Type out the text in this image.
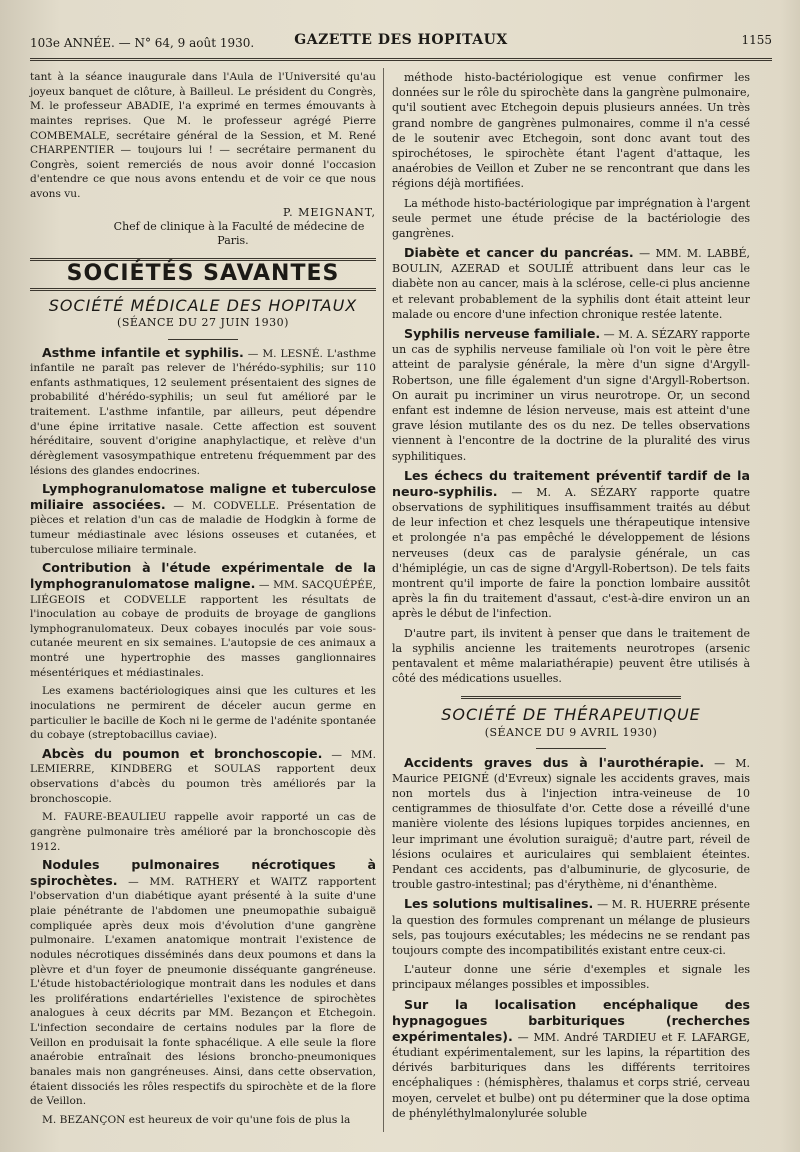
103e ANNÉE. — N° 64, 9 août 1930.	GAZETTE DES HOPITAUX	1155

tant à la séance inaugurale dans l'Aula de l'Université qu'au joyeux banquet de clôture, à Bailleul. Le président du Congrès, M. le professeur ABADIE, l'a exprimé en termes émouvants à maintes reprises. Que M. le professeur agrégé Pierre COMBEMALE, secrétaire général de la Session, et M. René CHARPENTIER — toujours lui ! — secrétaire permanent du Congrès, soient remerciés de nous avoir donné l'occasion d'entendre ce que nous avons entendu et de voir ce que nous avons vu.

P. MEIGNANT,

Chef de clinique à la Faculté de médecine de Paris.

SOCIÉTÉS SAVANTES
SOCIÉTÉ MÉDICALE DES HOPITAUX
(SÉANCE DU 27 JUIN 1930)

Asthme infantile et syphilis. — M. LESNÉ. L'asthme infantile ne paraît pas relever de l'hérédo-syphilis; sur 110 enfants asthmatiques, 12 seulement présentaient des signes de probabilité d'hérédo-syphilis; un seul fut amélioré par le traitement. L'asthme infantile, par ailleurs, peut dépendre d'une épine irritative nasale. Cette affection est souvent héréditaire, souvent d'origine anaphylactique, et relève d'un dérèglement vasosympathique entretenu fréquemment par des lésions des glandes endocrines.

Lymphogranulomatose maligne et tuberculose miliaire associées. — M. CODVELLE. Présentation de pièces et relation d'un cas de maladie de Hodgkin à forme de tumeur médiastinale avec lésions osseuses et cutanées, et tuberculose miliaire terminale.

Contribution à l'étude expérimentale de la lymphogranulomatose maligne. — MM. SACQUÉPÉE, LIÉGEOIS et CODVELLE rapportent les résultats de l'inoculation au cobaye de produits de broyage de ganglions lymphogranulomateux. Deux cobayes inoculés par voie sous-cutanée meurent en six semaines. L'autopsie de ces animaux a montré une hypertrophie des masses ganglionnaires mésentériques et médiastinales.

Les examens bactériologiques ainsi que les cultures et les inoculations ne permirent de déceler aucun germe en particulier le bacille de Koch ni le germe de l'adénite spontanée du cobaye (streptobacillus caviae).

Abcès du poumon et bronchoscopie. — MM. LEMIERRE, KINDBERG et SOULAS rapportent deux observations d'abcès du poumon très améliorés par la bronchoscopie.

M. FAURE-BEAULIEU rappelle avoir rapporté un cas de gangrène pulmonaire très amélioré par la bronchoscopie dès 1912.

Nodules pulmonaires nécrotiques à spirochètes. — MM. RATHERY et WAITZ rapportent l'observation d'un diabétique ayant présenté à la suite d'une plaie pénétrante de l'abdomen une pneumopathie subaiguë compliquée après deux mois d'évolution d'une gangrène pulmonaire. L'examen anatomique montrait l'existence de nodules nécrotiques disséminés dans deux poumons et dans la plèvre et d'un foyer de pneumonie disséquante gangréneuse. L'étude histobactériologique montrait dans les nodules et dans les proliférations endartérielles l'existence de spirochètes analogues à ceux décrits par MM. Bezançon et Etchegoin. L'infection secondaire de certains nodules par la flore de Veillon en produisait la fonte sphacélique. A elle seule la flore anaérobie entraînait des lésions broncho-pneumoniques banales mais non gangréneuses. Ainsi, dans cette observation, étaient dissociés les rôles respectifs du spirochète et de la flore de Veillon.

M. BEZANÇON est heureux de voir qu'une fois de plus la

méthode histo-bactériologique est venue confirmer les données sur le rôle du spirochète dans la gangrène pulmonaire, qu'il soutient avec Etchegoin depuis plusieurs années. Un très grand nombre de gangrènes pulmonaires, comme il n'a cessé de le soutenir avec Etchegoin, sont donc avant tout des spirochétoses, le spirochète étant l'agent d'attaque, les anaérobies de Veillon et Zuber ne se rencontrant que dans les régions déjà mortifiées.

La méthode histo-bactériologique par imprégnation à l'argent seule permet une étude précise de la bactériologie des gangrènes.

Diabète et cancer du pancréas. — MM. M. LABBÉ, BOULIN, AZERAD et SOULIÉ attribuent dans leur cas le diabète non au cancer, mais à la sclérose, celle-ci plus ancienne et relevant probablement de la syphilis dont était atteint leur malade ou encore d'une infection chronique restée latente.

Syphilis nerveuse familiale. — M. A. SÉZARY rapporte un cas de syphilis nerveuse familiale où l'on voit le père être atteint de paralysie générale, la mère d'un signe d'Argyll-Robertson, une fille également d'un signe d'Argyll-Robertson. On aurait pu incriminer un virus neurotrope. Or, un second enfant est indemne de lésion nerveuse, mais est atteint d'une grave lésion mutilante des os du nez. De telles observations viennent à l'encontre de la doctrine de la pluralité des virus syphilitiques.

Les échecs du traitement préventif tardif de la neuro-syphilis. — M. A. SÉZARY rapporte quatre observations de syphilitiques insuffisamment traités au début de leur infection et chez lesquels une thérapeutique intensive et prolongée n'a pas empêché le développement de lésions nerveuses (deux cas de paralysie générale, un cas d'hémiplégie, un cas de signe d'Argyll-Robertson). De tels faits montrent qu'il importe de faire la ponction lombaire aussitôt après la fin du traitement d'assaut, c'est-à-dire environ un an après le début de l'infection.

D'autre part, ils invitent à penser que dans le traitement de la syphilis ancienne les traitements neurotropes (arsenic pentavalent et même malariathérapie) peuvent être utilisés à côté des médications usuelles.

SOCIÉTÉ DE THÉRAPEUTIQUE
(SÉANCE DU 9 AVRIL 1930)

Accidents graves dus à l'aurothérapie. — M. Maurice PEIGNÉ (d'Evreux) signale les accidents graves, mais non mortels dus à l'injection intra-veineuse de 10 centigrammes de thiosulfate d'or. Cette dose a réveillé d'une manière violente des lésions lupiques torpides anciennes, en leur imprimant une évolution suraiguë; d'autre part, réveil de lésions oculaires et auriculaires qui semblaient éteintes. Pendant ces accidents, pas d'albuminurie, de glycosurie, de trouble gastro-intestinal; pas d'érythème, ni d'énanthème.

Les solutions multisalines. — M. R. HUERRE présente la question des formules comprenant un mélange de plusieurs sels, pas toujours exécutables; les médecins ne se rendant pas toujours compte des incompatibilités existant entre ceux-ci.

L'auteur donne une série d'exemples et signale les principaux mélanges possibles et impossibles.

Sur la localisation encéphalique des hypnagogues barbituriques (recherches expérimentales). — MM. André TARDIEU et F. LAFARGE, étudiant expérimentalement, sur les lapins, la répartition des dérivés barbituriques dans les différents territoires encéphaliques : (hémisphères, thalamus et corps strié, cerveau moyen, cervelet et bulbe) ont pu déterminer que la dose optima de phényléthylmalonylurée soluble
